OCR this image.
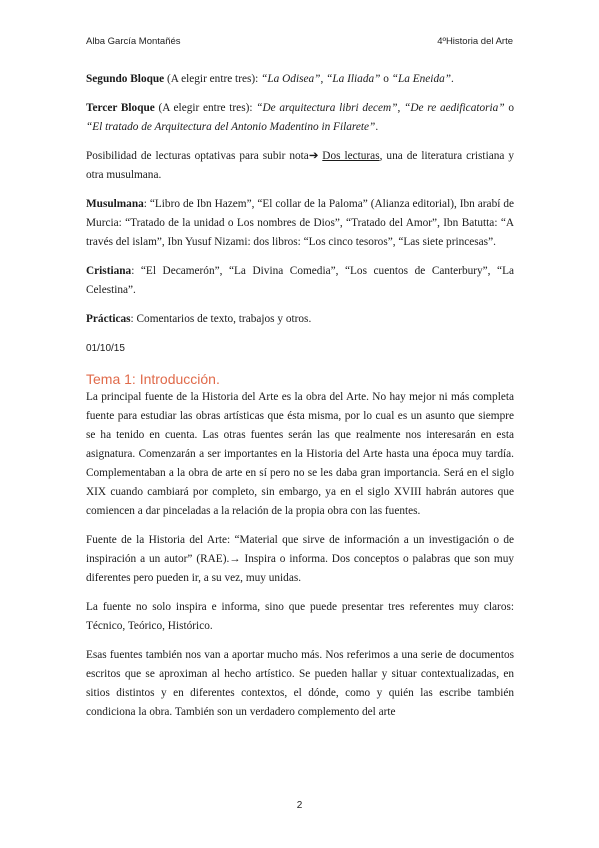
Alba García Montañés	4ºHistoria del Arte

Segundo Bloque (A elegir entre tres): “La Odisea”, “La Iliada” o “La Eneida”.

Tercer Bloque (A elegir entre tres): “De arquitectura libri decem”, “De re aedificatoria” o “El tratado de Arquitectura del Antonio Madentino in Filarete”.

Posibilidad de lecturas optativas para subir nota➔ Dos lecturas, una de literatura cristiana y otra musulmana.

Musulmana: “Libro de Ibn Hazem”, “El collar de la Paloma” (Alianza editorial), Ibn arabí de Murcia: “Tratado de la unidad o Los nombres de Dios”, “Tratado del Amor”, Ibn Batutta: “A través del islam”, Ibn Yusuf Nizami: dos libros: “Los cinco tesoros”, “Las siete princesas”.

Cristiana: “El Decamerón”, “La Divina Comedia”, “Los cuentos de Canterbury”, “La Celestina”.

Prácticas: Comentarios de texto, trabajos y otros.

01/10/15

Tema 1: Introducción.

La principal fuente de la Historia del Arte es la obra del Arte. No hay mejor ni más completa fuente para estudiar las obras artísticas que ésta misma, por lo cual es un asunto que siempre se ha tenido en cuenta. Las otras fuentes serán las que realmente nos interesarán en esta asignatura. Comenzarán a ser importantes en la Historia del Arte hasta una época muy tardía. Complementaban a la obra de arte en sí pero no se les daba gran importancia. Será en el siglo XIX cuando cambiará por completo, sin embargo, ya en el siglo XVIII habrán autores que comiencen a dar pinceladas a la relación de la propia obra con las fuentes.

Fuente de la Historia del Arte: “Material que sirve de información a un investigación o de inspiración a un autor” (RAE).→ Inspira o informa. Dos conceptos o palabras que son muy diferentes pero pueden ir, a su vez, muy unidas.

La fuente no solo inspira e informa, sino que puede presentar tres referentes muy claros: Técnico, Teórico, Histórico.

Esas fuentes también nos van a aportar mucho más. Nos referimos a una serie de documentos escritos que se aproximan al hecho artístico. Se pueden hallar y situar contextualizadas, en sitios distintos y en diferentes contextos, el dónde, como y quién las escribe también condiciona la obra. También son un verdadero complemento del arte

2
